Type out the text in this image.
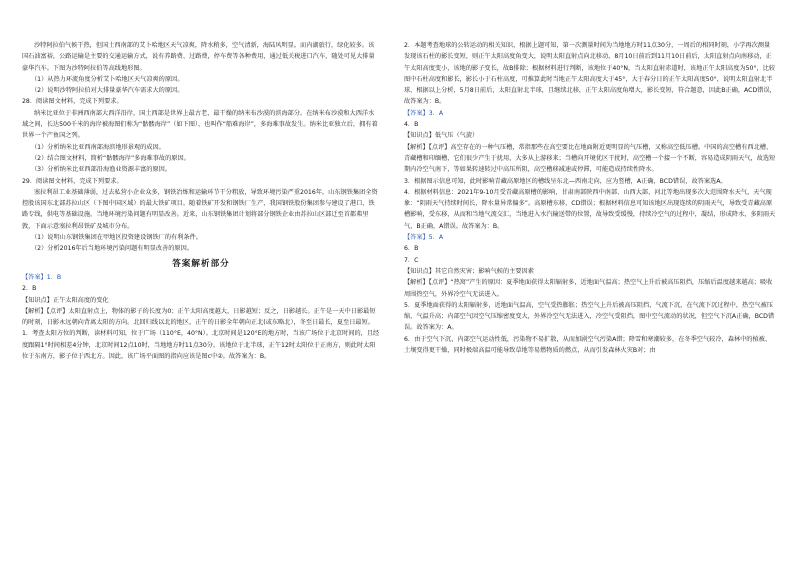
沙特阿拉伯气候干热，但国土西南部的艾卜哈地区天气凉爽，降水稍多，空气清新，海陆风明显。而内湖旅行，绿化较多。该国石油富裕，公路运输是主要的交通运输方式，说有养路费、过路费，停车费等各种费用，通过低关税进口汽车，随处可见大排量豪华汽车。下图为沙特阿拉伯等高线地形图。

（1）从热力环流角度分析艾卜哈地区天气凉爽的原因。

（2）说明沙特阿拉伯对大排量豪华汽车需求大的原因。

28．阅读图文材料，完成下列要求。

纳米比亚位于非洲西南部大西洋沿岸，国土西部是世界上最古老、最干燥的纳米布沙漠的滨海部分。在纳米布沙漠和大西洋水域之间，长达500千米的海岸被海图们称为“骷髅海岸”（如下图），也叫作“船难海岸”，多海难事故发生。纳米比亚独立后，拥有着世界一个产鱼国之列。

（1）分析纳米比亚西南部海滨地形景观的成因。

（2）结合图文材料，简析“骷髅海岸”多海难事故的原因。

（3）分析纳米比亚西部沿海渔业资源丰富的原因。

29．阅读图文材料，完成下列要求。

塞拉利昂工业基础薄弱，过去私营小企业众多，钢铁冶炼和运输环节干分粗放，导致环境污染严重2016年，山东钢铁集团全资控股该国东北部苏拉山区（下图中国区域）的最大铁矿项目。随着铁矿开发和钢铁厂生产，我国钢铁股份集团参与建设了港口、铁路专线，供电等基础设施，当地环境污染问题有明显改善。近来，山东钢铁集团计划将部分钢铁企业由苏拉山区部迁至首都弗里敦，下面示意塞拉利昂铁矿及城市分布。

（1）说明山东钢铁集团在甲地区投资建设钢铁厂的有利条件。

（2）分析2016年后当地环境污染问题有明显改善的原因。

答案解析部分

【答案】1．B

2．B

【知识点】正午太阳高度的变化

【解析】【点评】太阳直射点上，物体的影子的长度为0；正午太阳高度越大，日影越短；反之，日影越长。正午是一天中日影最短的时刻，日影永远朝向背离太阳的方向。北回归线以北的地区，正午的日影全年朝向正北(或东略北），冬至日最长，夏至日最短。

1．考查太阳方位的判断，读材料可知，位于广场（110°E，40°N）。北京时间是120°E的地方时，当该广场位于北京时间的，且经度跟隔1°时间相差4分钟，北京时间12点10时，当地地方时11点30分。该地位于北半球，正午12时太阳位于正南方，则此时太阳位于东南方，影子位于西北方。因此，该广场平面图的指向应该是图c中②。故答案为：B。

2．本题考查地球的公转运动的相关知识，根据上题可知，第一次测量时间为当地地方时11点30分，一周后的相同时刻，小学再次测量发现该石柱的影长变短，则正午太阳高度角变大，说明太阳直射点向北移动，8月10日前后到11月10日前后，太阳直射点向南移动，正午太阳高度变小，该地的影子变长，故B排除；根据材料进行判断，该地位于40°N，当太阳直射赤道时，该地正午太阳高度为50°，比较图中石柱高度和影长，影长小于石柱高度，可推算此时当地正午太阳高度大于45°，大于春分日的正午太阳高度50°，说明太阳直射北半球，根据以上分析，5月8日前后，太阳直射北半球，且继续北移，正午太阳高度角增大，影长变短，符合题意，因此B正确，ACD错误，故答案为：B。

【答案】3．A

4．B

【知识点】低气压（气旋）

【解析】【点评】高空存在的一种气压槽，常指那些在高空要比在地面附近更明显的气压槽，又称高空低压槽。中国的高空槽有西北槽、青藏槽和印缅槽，它们很少产生于扰用，大多从上游移来；当槽向开境优区干扰时，高空槽一个接一个不断，容易造成阴雨天气，故选短期内冷空气南下，等如果转速转过中高压所阻，高空槽移减速或停滞，可能造成持续性降水。

3．根据图示信息可知，此时影响青藏高原地区的槽线呈东北—西南走向，应为竖槽，A正确，BCD错误，故答案选A。

4．根据材料信息：2021年9-10月受青藏高原槽的影响，甘肃南部陕西中南部、山西大部、河北等地出现多次大范围降水天气，天气现象：“阴雨天气持续时间长，降水量异常偏多”。高原槽东移，CD错误；根据材料信息可知该地区出现连续的阴雨天气，导致受青藏高原槽影响，受东移，从而和当地气流交汇，当地进入水汽输送带的位置，故导致受缓慢，持续冷空气的过程中，凝结，形成降水，多阴雨天气，B正确，A错误。故答案为：B。

【答案】5．A

6．B

7．C

【知识点】其它自然灾害；影响气候的主要因素

【解析】【点评】“热窝”产生的原因：夏季地面获得太阳辐射多，近地面气温高；热空气上升后被高压阻挡，压缩后温度越来越高；吸收周围热空气，外界冷空气无法进入。

5．夏季地面获得的太阳辐射多，近地面气温高，空气受热膨胀；热空气上升后被高压阻挡，气流下沉，在气流下沉过程中，热空气被压缩，气温升高；内部空气因空气压缩密度变大，外界冷空气无法进入，冷空气受阻挡，图中空气流动的状况，但空气下沉A正确，BCD错误。故答案为：A。

6．由于空气下沉，内部空气运动性低，污染物不易扩散，从而加剧空气污染A错；降雪和寒潮较多，在冬季空气较冷，森林中的植被、土壤变得更干燥，同时极端高温可能导致草地等易燃物质的燃点，从而引发森林火灾B对；由
